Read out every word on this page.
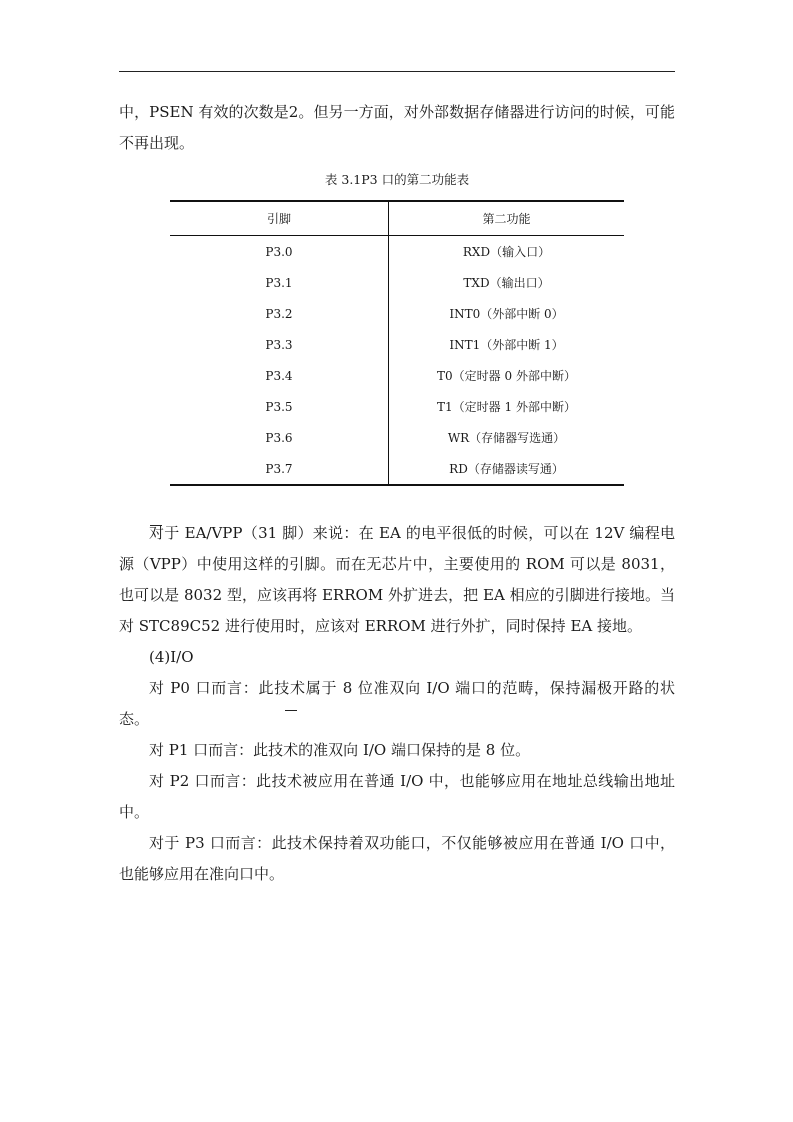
中，PSEN 有效的次数是2。但另一方面，对外部数据存储器进行访问的时候，可能不再出现。

表 3.1P3 口的第二功能表
引脚	第二功能
P3.0	RXD（输入口）
P3.1	TXD（输出口）
P3.2	INT0（外部中断 0）
P3.3	INT1（外部中断 1）
P3.4	T0（定时器 0 外部中断）
P3.5	T1（定时器 1 外部中断）
P3.6	WR（存储器写选通）
P3.7	RD（存储器读写通）

对于 EA/VPP（31 脚）来说：在 EA 的电平很低的时候，可以在 12V 编程电源（VPP）中使用这样的引脚。而在无芯片中，主要使用的 ROM 可以是 8031，也可以是 8032 型，应该再将 ERROM 外扩进去，把 EA 相应的引脚进行接地。当对 STC89C52 进行使用时，应该对 ERROM 进行外扩，同时保持 EA 接地。

(4)I/O

对 P0 口而言：此技术属于 8 位准双向 I/O 端口的范畴，保持漏极开路的状态。

对 P1 口而言：此技术的准双向 I/O 端口保持的是 8 位。

对 P2 口而言：此技术被应用在普通 I/O 中，也能够应用在地址总线输出地址中。

对于 P3 口而言：此技术保持着双功能口，不仅能够被应用在普通 I/O 口中，也能够应用在准向口中。
